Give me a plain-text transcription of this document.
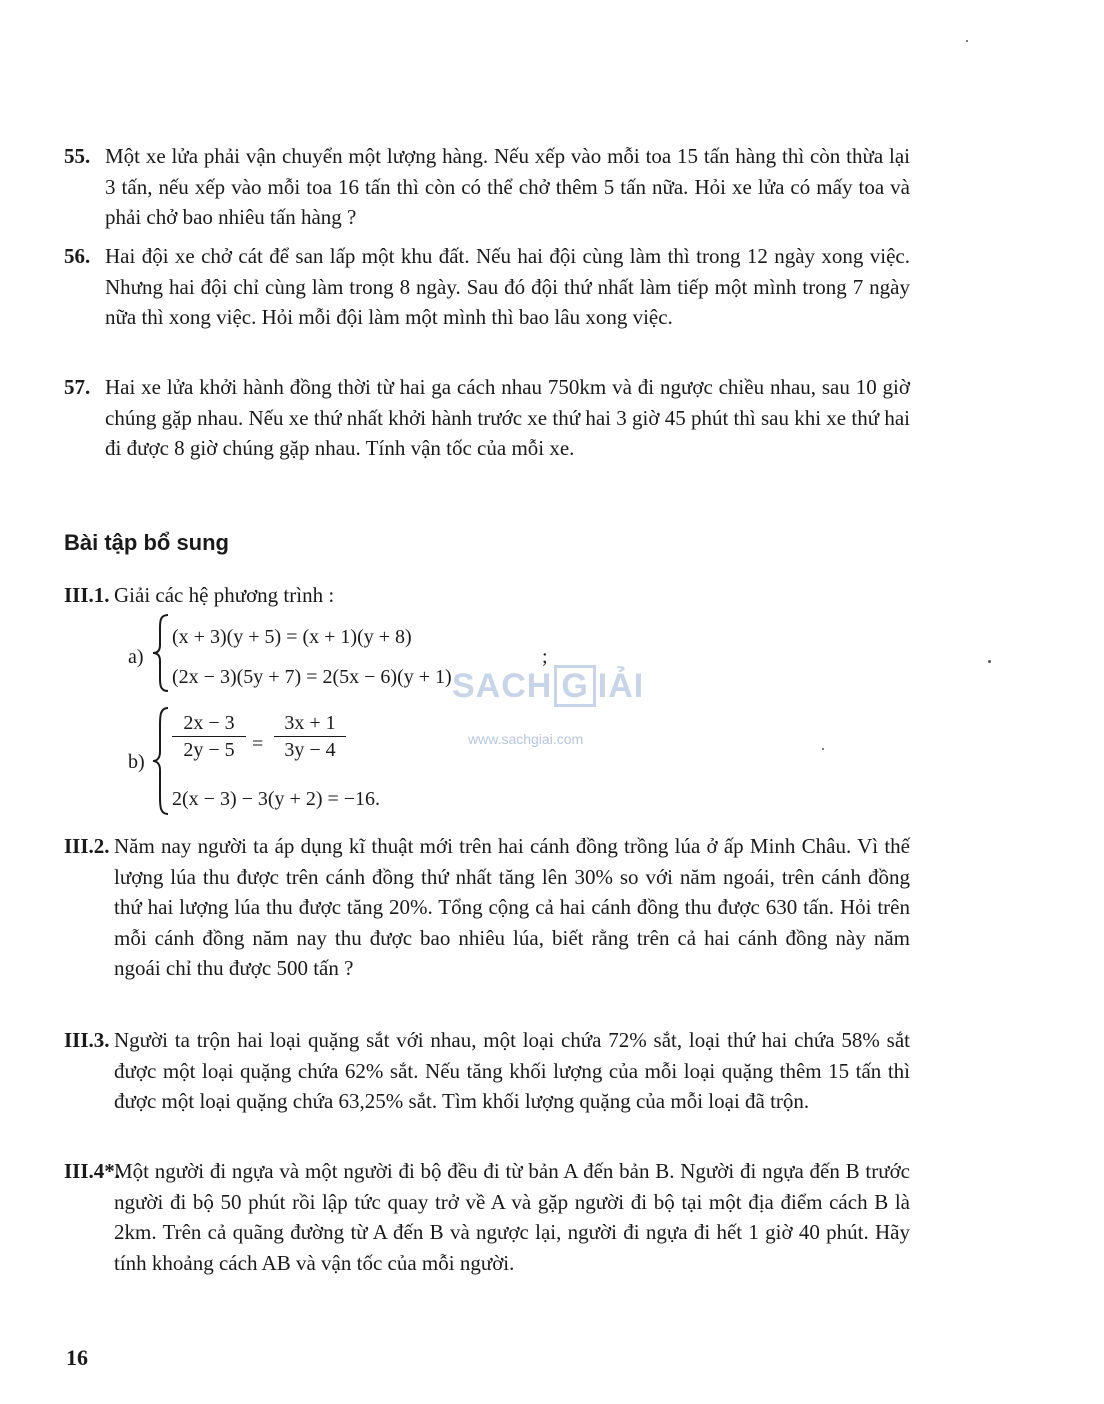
55. Một xe lửa phải vận chuyển một lượng hàng. Nếu xếp vào mỗi toa 15 tấn hàng thì còn thừa lại 3 tấn, nếu xếp vào mỗi toa 16 tấn thì còn có thể chở thêm 5 tấn nữa. Hỏi xe lửa có mấy toa và phải chở bao nhiêu tấn hàng ?
56. Hai đội xe chở cát để san lấp một khu đất. Nếu hai đội cùng làm thì trong 12 ngày xong việc. Nhưng hai đội chỉ cùng làm trong 8 ngày. Sau đó đội thứ nhất làm tiếp một mình trong 7 ngày nữa thì xong việc. Hỏi mỗi đội làm một mình thì bao lâu xong việc.
57. Hai xe lửa khởi hành đồng thời từ hai ga cách nhau 750km và đi ngược chiều nhau, sau 10 giờ chúng gặp nhau. Nếu xe thứ nhất khởi hành trước xe thứ hai 3 giờ 45 phút thì sau khi xe thứ hai đi được 8 giờ chúng gặp nhau. Tính vận tốc của mỗi xe.
Bài tập bổ sung
III.1. Giải các hệ phương trình :
a)
(x + 3)(y + 5) = (x + 1)(y + 8)
(2x − 3)(5y + 7) = 2(5x − 6)(y + 1)
;
SACH G IẢI
www.sachgiai.com
b)
2x − 3
2y − 5 =
3x + 1
3y − 4
2(x − 3) − 3(y + 2) = −16.
III.2. Năm nay người ta áp dụng kĩ thuật mới trên hai cánh đồng trồng lúa ở ấp Minh Châu. Vì thế lượng lúa thu được trên cánh đồng thứ nhất tăng lên 30% so với năm ngoái, trên cánh đồng thứ hai lượng lúa thu được tăng 20%. Tổng cộng cả hai cánh đồng thu được 630 tấn. Hỏi trên mỗi cánh đồng năm nay thu được bao nhiêu lúa, biết rằng trên cả hai cánh đồng này năm ngoái chỉ thu được 500 tấn ?
III.3. Người ta trộn hai loại quặng sắt với nhau, một loại chứa 72% sắt, loại thứ hai chứa 58% sắt được một loại quặng chứa 62% sắt. Nếu tăng khối lượng của mỗi loại quặng thêm 15 tấn thì được một loại quặng chứa 63,25% sắt. Tìm khối lượng quặng của mỗi loại đã trộn.
III.4*.
Một người đi ngựa và một người đi bộ đều đi từ bản A đến bản B. Người đi ngựa đến B trước người đi bộ 50 phút rồi lập tức quay trở về A và gặp người đi bộ tại một địa điểm cách B là 2km. Trên cả quãng đường từ A đến B và ngược lại, người đi ngựa đi hết 1 giờ 40 phút. Hãy tính khoảng cách AB và vận tốc của mỗi người.
16
